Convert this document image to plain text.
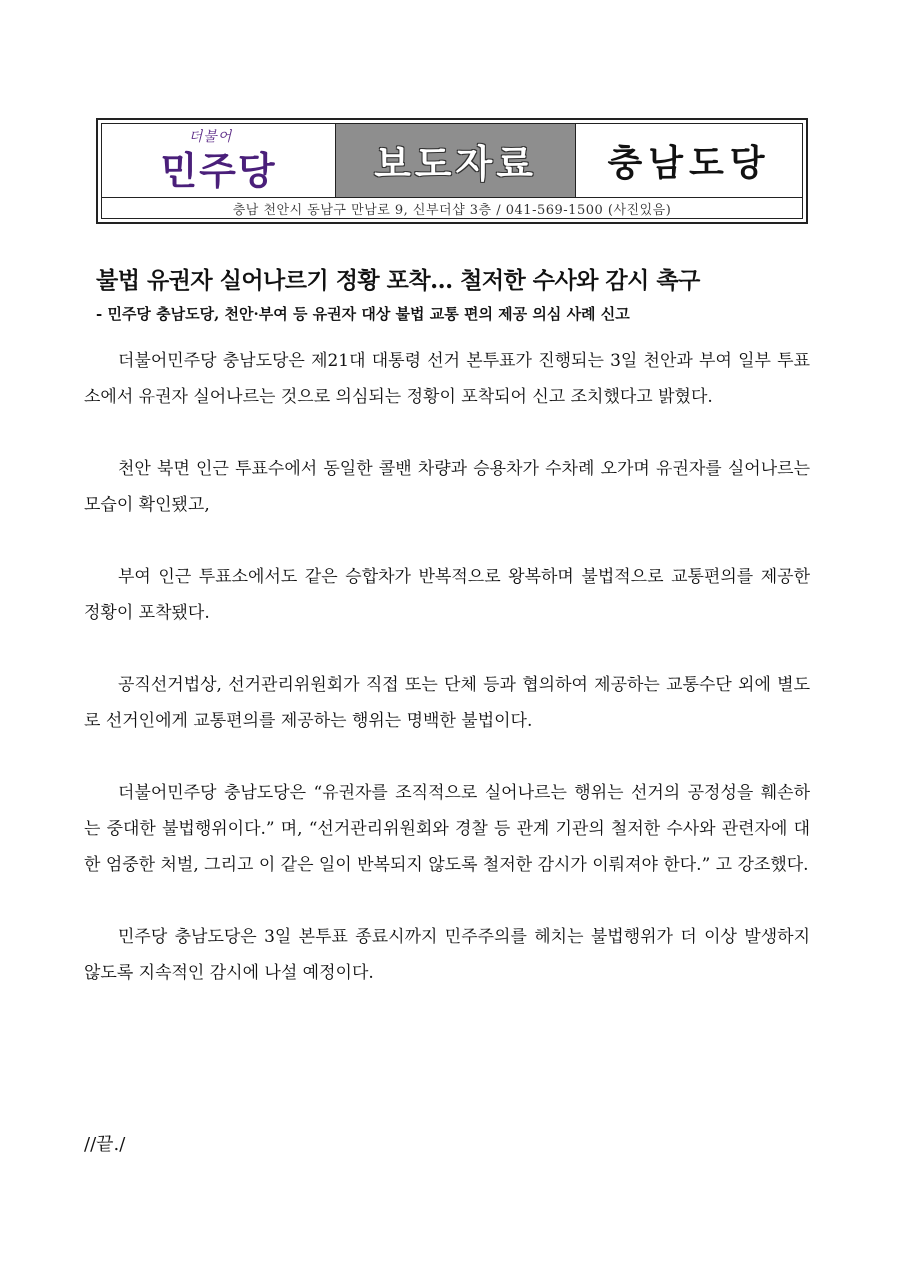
더불어
민주당	보도자료 충남도당
충남 천안시 동남구 만남로 9, 신부더샵 3층 / 041-569-1500 (사진있음)
불법 유권자 실어나르기 정황 포착... 철저한 수사와 감시 촉구
- 민주당 충남도당, 천안·부여 등 유권자 대상 불법 교통 편의 제공 의심 사례 신고

더불어민주당 충남도당은 제21대 대통령 선거 본투표가 진행되는 3일 천안과 부여 일부 투표소에서 유권자 실어나르는 것으로 의심되는 정황이 포착되어 신고 조치했다고 밝혔다.

천안 북면 인근 투표수에서 동일한 콜밴 차량과 승용차가 수차례 오가며 유권자를 실어나르는 모습이 확인됐고,

부여 인근 투표소에서도 같은 승합차가 반복적으로 왕복하며 불법적으로 교통편의를 제공한 정황이 포착됐다.

공직선거법상, 선거관리위원회가 직접 또는 단체 등과 협의하여 제공하는 교통수단 외에 별도로 선거인에게 교통편의를 제공하는 행위는 명백한 불법이다.

더불어민주당 충남도당은 “유권자를 조직적으로 실어나르는 행위는 선거의 공정성을 훼손하는 중대한 불법행위이다.” 며, “선거관리위원회와 경찰 등 관계 기관의 철저한 수사와 관련자에 대한 엄중한 처벌, 그리고 이 같은 일이 반복되지 않도록 철저한 감시가 이뤄져야 한다.” 고 강조했다.

민주당 충남도당은 3일 본투표 종료시까지 민주주의를 헤치는 불법행위가 더 이상 발생하지 않도록 지속적인 감시에 나설 예정이다.

//끝./
